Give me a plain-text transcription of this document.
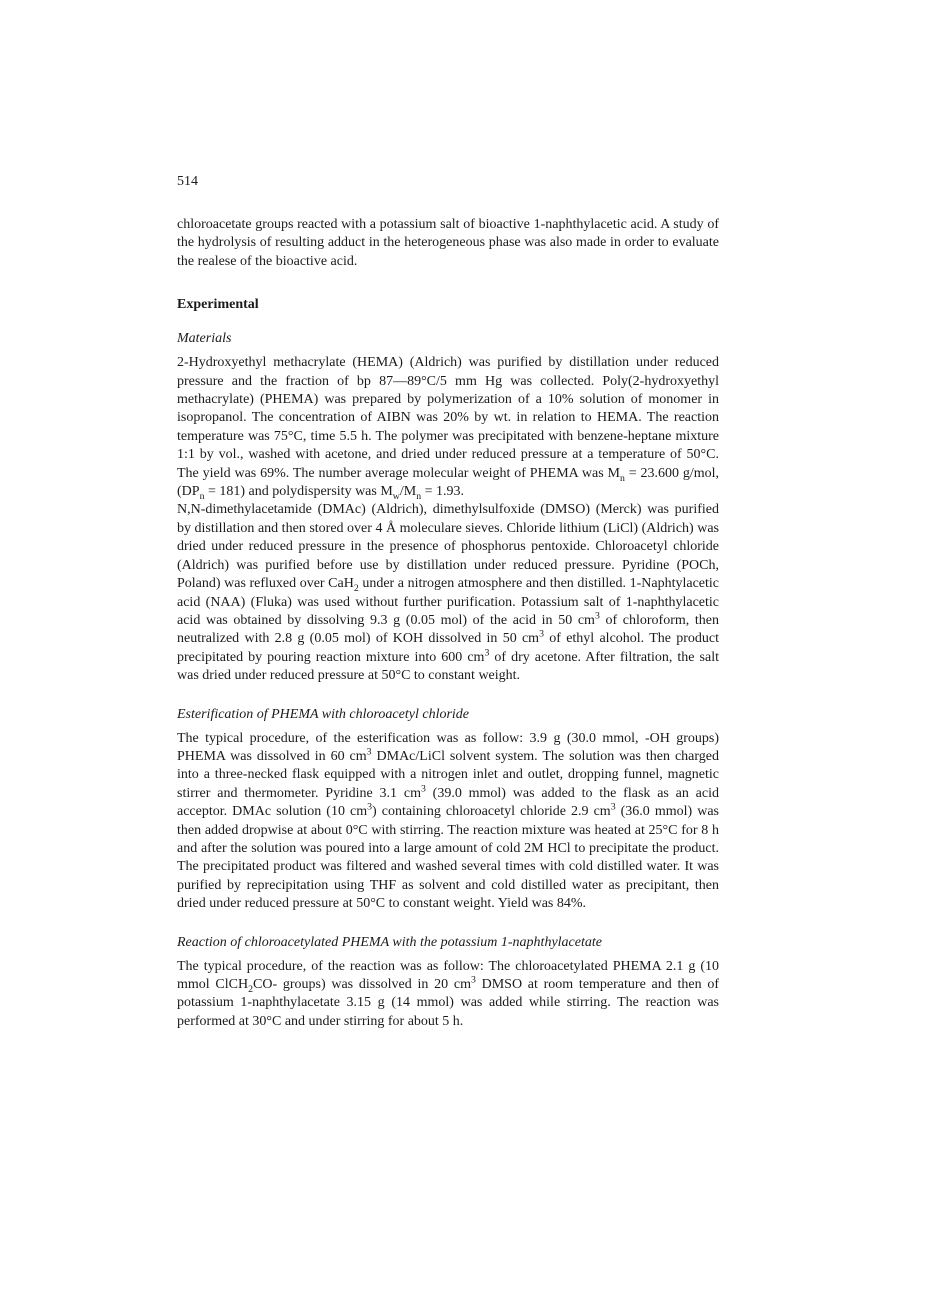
514

chloroacetate groups reacted with a potassium salt of bioactive 1-naphthylacetic acid. A study of the hydrolysis of resulting adduct in the heterogeneous phase was also made in order to evaluate the realese of the bioactive acid.

Experimental
Materials

2-Hydroxyethyl methacrylate (HEMA) (Aldrich) was purified by distillation under reduced pressure and the fraction of bp 87—89°C/5 mm Hg was collected. Poly(2-hydroxyethyl methacrylate) (PHEMA) was prepared by polymerization of a 10% solution of monomer in isopropanol. The concentration of AIBN was 20% by wt. in relation to HEMA. The reaction temperature was 75°C, time 5.5 h. The polymer was precipitated with benzene-heptane mixture 1:1 by vol., washed with acetone, and dried under reduced pressure at a temperature of 50°C. The yield was 69%. The number average molecular weight of PHEMA was $M_n = 23.600$ g/mol, $(DP_n = 181)$ and polydispersity was $M_w/M_n = 1.93$.

N,N-dimethylacetamide (DMAc) (Aldrich), dimethylsulfoxide (DMSO) (Merck) was purified by distillation and then stored over 4 Å moleculare sieves. Chloride lithium (LiCl) (Aldrich) was dried under reduced pressure in the presence of phosphorus pentoxide. Chloroacetyl chloride (Aldrich) was purified before use by distillation under reduced pressure. Pyridine (POCh, Poland) was refluxed over CaH$_2$ under a nitrogen atmosphere and then distilled. 1-Naphtylacetic acid (NAA) (Fluka) was used without further purification. Potassium salt of 1-naphthylacetic acid was obtained by dissolving 9.3 g (0.05 mol) of the acid in 50 $cm^3$ of chloroform, then neutralized with 2.8 g (0.05 mol) of KOH dissolved in 50 $cm^3$ of ethyl alcohol. The product precipitated by pouring reaction mixture into 600 $cm^3$ of dry acetone. After filtration, the salt was dried under reduced pressure at 50°C to constant weight.

Esterification of PHEMA with chloroacetyl chloride

The typical procedure, of the esterification was as follow: 3.9 g (30.0 mmol, -OH groups) PHEMA was dissolved in 60 $cm^3$ DMAc/LiCl solvent system. The solution was then charged into a three-necked flask equipped with a nitrogen inlet and outlet, dropping funnel, magnetic stirrer and thermometer. Pyridine 3.1 $cm^3$ (39.0 mmol) was added to the flask as an acid acceptor. DMAc solution (10 $cm^3$) containing chloroacetyl chloride 2.9 $cm^3$ (36.0 mmol) was then added dropwise at about 0°C with stirring. The reaction mixture was heated at 25°C for 8 h and after the solution was poured into a large amount of cold 2M HCl to precipitate the product. The precipitated product was filtered and washed several times with cold distilled water. It was purified by reprecipitation using THF as solvent and cold distilled water as precipitant, then dried under reduced pressure at 50°C to constant weight. Yield was 84%.

Reaction of chloroacetylated PHEMA with the potassium 1-naphthylacetate

The typical procedure, of the reaction was as follow: The chloroacetylated PHEMA 2.1 g (10 mmol ClCH$_2$CO- groups) was dissolved in 20 $cm^3$ DMSO at room temperature and then of potassium 1-naphthylacetate 3.15 g (14 mmol) was added while stirring. The reaction was performed at 30°C and under stirring for about 5 h.
